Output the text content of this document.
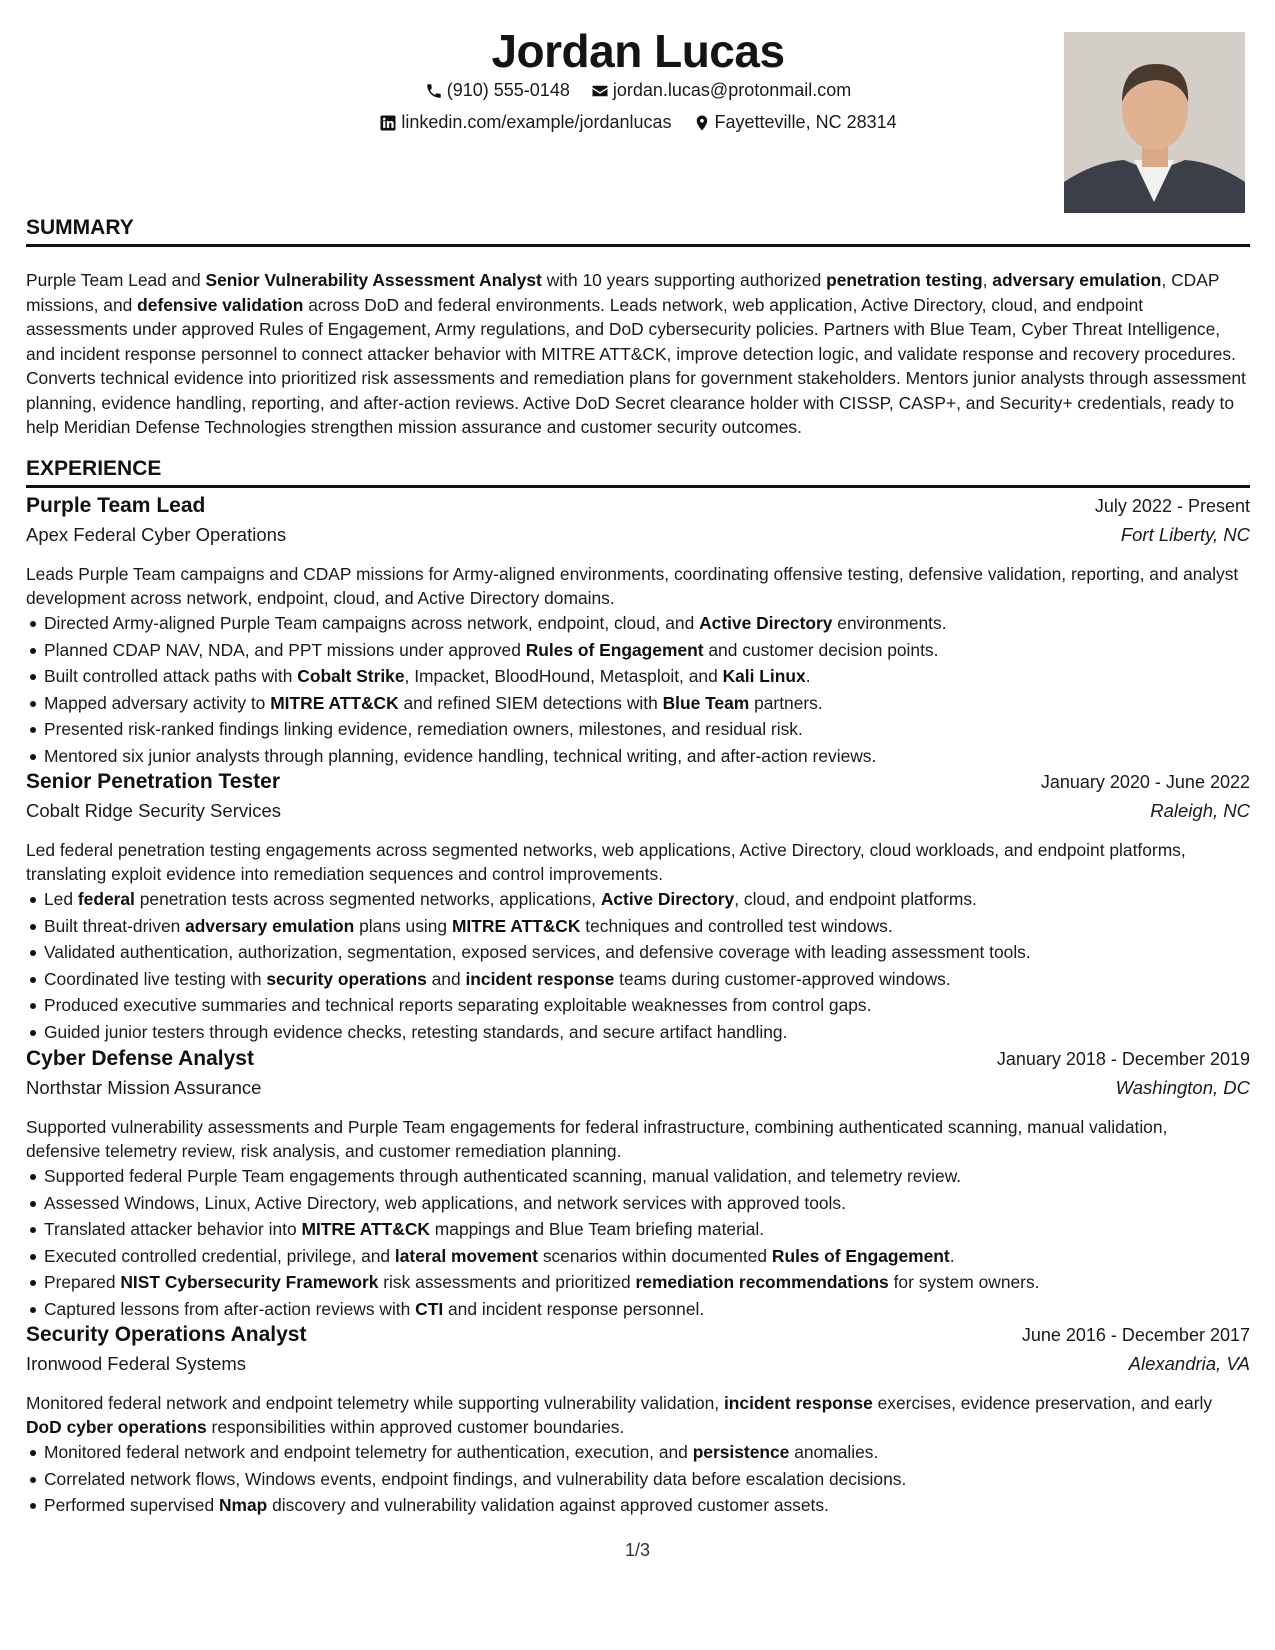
Jordan Lucas
(910) 555-0148
jordan.lucas@protonmail.com
linkedin.com/example/jordanlucas
Fayetteville, NC 28314
SUMMARY
Purple Team Lead and Senior Vulnerability Assessment Analyst with 10 years supporting authorized penetration testing, adversary emulation, CDAP missions, and defensive validation across DoD and federal environments. Leads network, web application, Active Directory, cloud, and endpoint assessments under approved Rules of Engagement, Army regulations, and DoD cybersecurity policies. Partners with Blue Team, Cyber Threat Intelligence, and incident response personnel to connect attacker behavior with MITRE ATT&CK, improve detection logic, and validate response and recovery procedures. Converts technical evidence into prioritized risk assessments and remediation plans for government stakeholders. Mentors junior analysts through assessment planning, evidence handling, reporting, and after-action reviews. Active DoD Secret clearance holder with CISSP, CASP+, and Security+ credentials, ready to help Meridian Defense Technologies strengthen mission assurance and customer security outcomes.
EXPERIENCE
Purple Team Lead	July 2022 - Present
Apex Federal Cyber Operations	Fort Liberty, NC
Leads Purple Team campaigns and CDAP missions for Army-aligned environments, coordinating offensive testing, defensive validation, reporting, and analyst development across network, endpoint, cloud, and Active Directory domains.
Directed Army-aligned Purple Team campaigns across network, endpoint, cloud, and Active Directory environments.
Planned CDAP NAV, NDA, and PPT missions under approved Rules of Engagement and customer decision points.
Built controlled attack paths with Cobalt Strike, Impacket, BloodHound, Metasploit, and Kali Linux.
Mapped adversary activity to MITRE ATT&CK and refined SIEM detections with Blue Team partners.
Presented risk-ranked findings linking evidence, remediation owners, milestones, and residual risk.
Mentored six junior analysts through planning, evidence handling, technical writing, and after-action reviews.
Senior Penetration Tester	January 2020 - June 2022
Cobalt Ridge Security Services	Raleigh, NC
Led federal penetration testing engagements across segmented networks, web applications, Active Directory, cloud workloads, and endpoint platforms, translating exploit evidence into remediation sequences and control improvements.
Led federal penetration tests across segmented networks, applications, Active Directory, cloud, and endpoint platforms.
Built threat-driven adversary emulation plans using MITRE ATT&CK techniques and controlled test windows.
Validated authentication, authorization, segmentation, exposed services, and defensive coverage with leading assessment tools.
Coordinated live testing with security operations and incident response teams during customer-approved windows.
Produced executive summaries and technical reports separating exploitable weaknesses from control gaps.
Guided junior testers through evidence checks, retesting standards, and secure artifact handling.
Cyber Defense Analyst	January 2018 - December 2019
Northstar Mission Assurance	Washington, DC
Supported vulnerability assessments and Purple Team engagements for federal infrastructure, combining authenticated scanning, manual validation, defensive telemetry review, risk analysis, and customer remediation planning.
Supported federal Purple Team engagements through authenticated scanning, manual validation, and telemetry review.
Assessed Windows, Linux, Active Directory, web applications, and network services with approved tools.
Translated attacker behavior into MITRE ATT&CK mappings and Blue Team briefing material.
Executed controlled credential, privilege, and lateral movement scenarios within documented Rules of Engagement.
Prepared NIST Cybersecurity Framework risk assessments and prioritized remediation recommendations for system owners.
Captured lessons from after-action reviews with CTI and incident response personnel.
Security Operations Analyst	June 2016 - December 2017
Ironwood Federal Systems	Alexandria, VA
Monitored federal network and endpoint telemetry while supporting vulnerability validation, incident response exercises, evidence preservation, and early DoD cyber operations responsibilities within approved customer boundaries.
Monitored federal network and endpoint telemetry for authentication, execution, and persistence anomalies.
Correlated network flows, Windows events, endpoint findings, and vulnerability data before escalation decisions.
Performed supervised Nmap discovery and vulnerability validation against approved customer assets.
1/3
